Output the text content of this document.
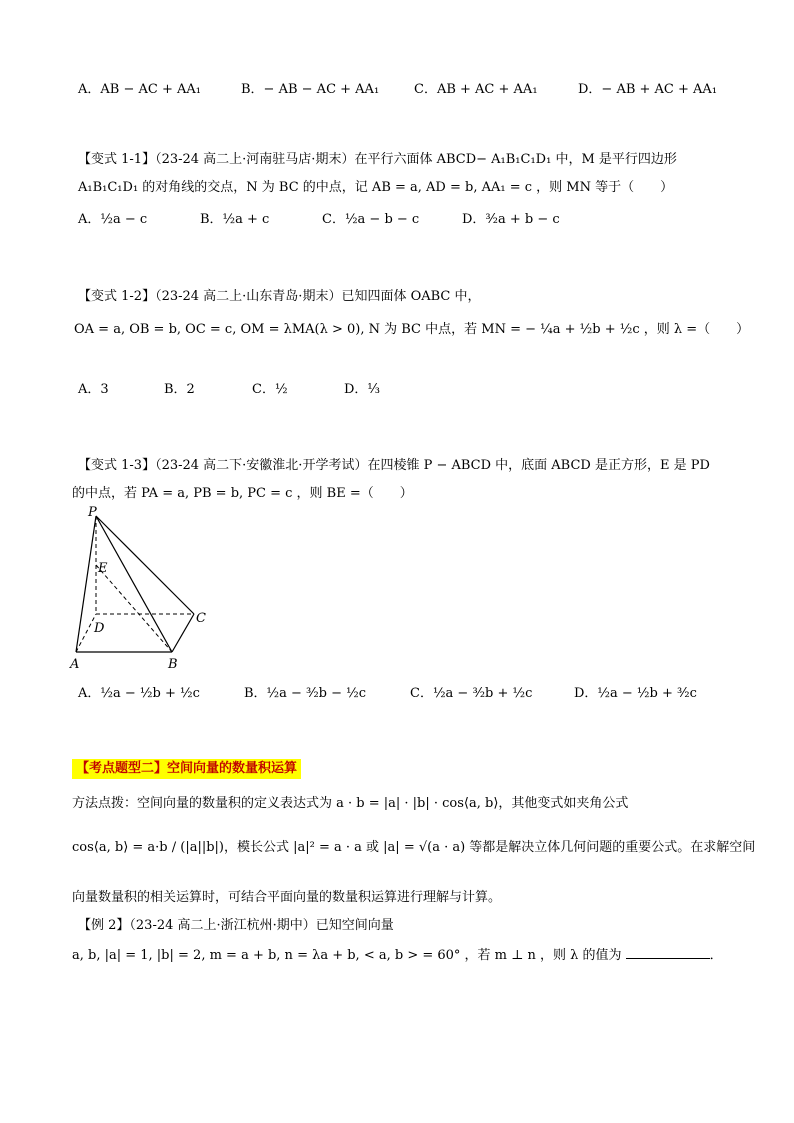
A．AB − AC + AA₁	B．− AB − AC + AA₁	C．AB + AC + AA₁	D．− AB + AC + AA₁
【变式 1-1】（23-24 高二上·河南驻马店·期末）在平行六面体 ABCD− A₁B₁C₁D₁ 中，M 是平行四边形
A₁B₁C₁D₁ 的对角线的交点，N 为 BC 的中点，记 AB = a, AD = b, AA₁ = c ，则 MN 等于（　　）
A．½a − c	B．½a + c	C．½a − b − c	D．³⁄₂a + b − c
【变式 1-2】（23-24 高二上·山东青岛·期末）已知四面体 OABC 中，
OA = a, OB = b, OC = c, OM = λMA(λ > 0), N 为 BC 中点，若 MN = − ¼a + ½b + ½c ，则 λ =（　　）
A．3	B．2	C．½	D．⅓
【变式 1-3】（23-24 高二下·安徽淮北·开学考试）在四棱锥 P − ABCD 中，底面 ABCD 是正方形，E 是 PD
的中点，若 PA = a, PB = b, PC = c ，则 BE =（　　）
P
E
D
C
A	B
A．½a − ½b + ½c	B．½a − ³⁄₂b − ½c	C．½a − ³⁄₂b + ½c	D．½a − ½b + ³⁄₂c
【考点题型二】空间向量的数量积运算
方法点拨：空间向量的数量积的定义表达式为 a · b = |a| · |b| · cos⟨a, b⟩，其他变式如夹角公式
cos⟨a, b⟩ = a·b / (|a||b|)，模长公式 |a|² = a · a 或 |a| = √(a · a) 等都是解决立体几何问题的重要公式。在求解空间
向量数量积的相关运算时，可结合平面向量的数量积运算进行理解与计算。
【例 2】（23-24 高二上·浙江杭州·期中）已知空间向量
a, b, |a| = 1, |b| = 2, m = a + b, n = λa + b, < a, b > = 60° ，若 m ⊥ n ，则 λ 的值为	．
